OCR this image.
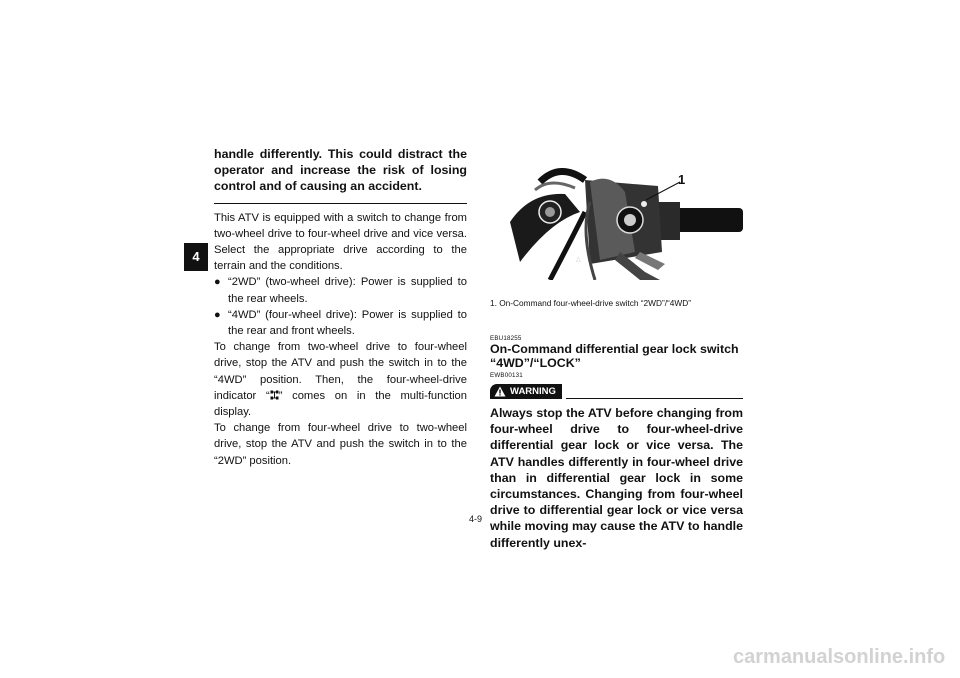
4
handle differently. This could distract the operator and increase the risk of losing control and of causing an accident.

This ATV is equipped with a switch to change from two-wheel drive to four-wheel drive and vice versa. Select the appropriate drive according to the terrain and the conditions.

● “2WD” (two-wheel drive): Power is supplied to the rear wheels.
● “4WD” (four-wheel drive): Power is supplied to the rear and front wheels.

To change from two-wheel drive to four-wheel drive, stop the ATV and push the switch in to the “4WD” position. Then, the four-wheel-drive indicator “ ” comes on in the multi-function display.

To change from four-wheel drive to two-wheel drive, stop the ATV and push the switch in to the “2WD” position.

Δ
1
1. On-Command four-wheel-drive switch “2WD”/“4WD”
EBU18255
On-Command differential gear lock switch “4WD”/“LOCK”
EWB00131
WARNING
Always stop the ATV before changing from four-wheel drive to four-wheel-drive differential gear lock or vice versa. The ATV handles differently in four-wheel drive than in differential gear lock in some circumstances. Changing from four-wheel drive to differential gear lock or vice versa while moving may cause the ATV to handle differently unex-
4-9
carmanualsonline.info
